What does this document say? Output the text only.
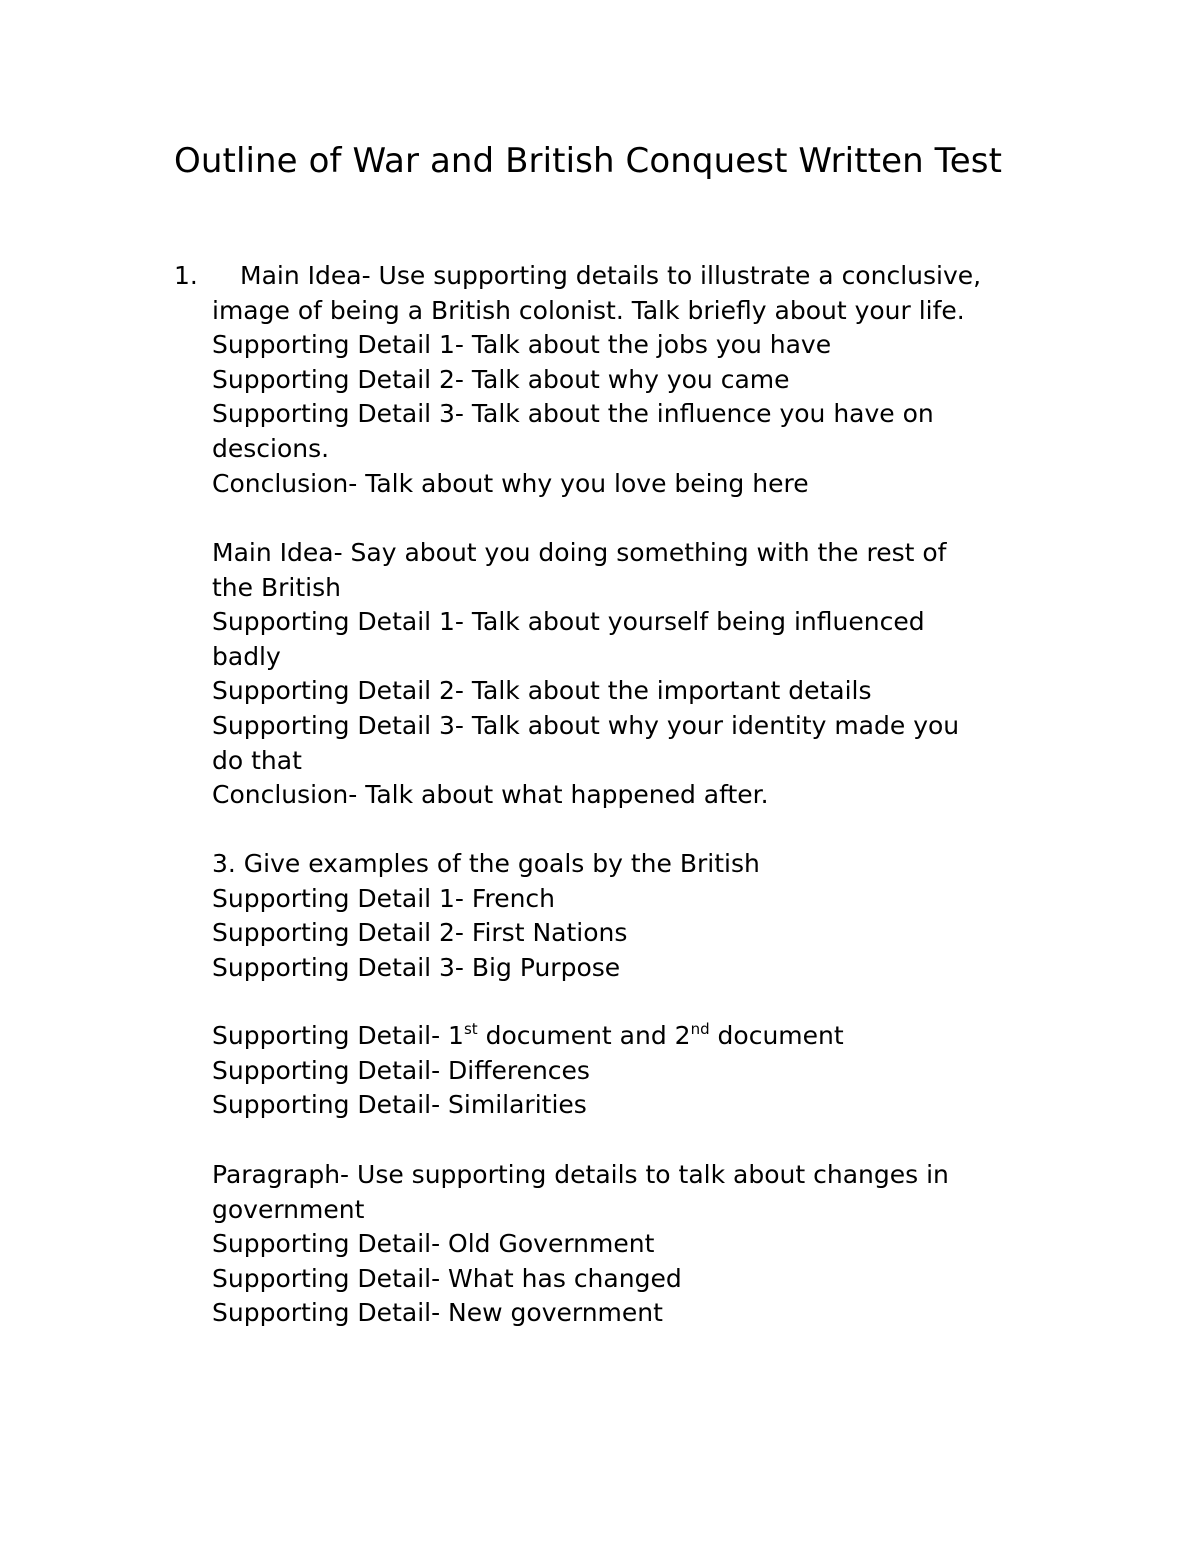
Outline of War and British Conquest Written Test
1.	Main Idea- Use supporting details to illustrate a conclusive,
image of being a British colonist. Talk briefly about your life.
Supporting Detail 1- Talk about the jobs you have
Supporting Detail 2- Talk about why you came
Supporting Detail 3- Talk about the influence you have on
descions.
Conclusion- Talk about why you love being here
Main Idea- Say about you doing something with the rest of
the British
Supporting Detail 1- Talk about yourself being influenced
badly
Supporting Detail 2- Talk about the important details
Supporting Detail 3- Talk about why your identity made you
do that
Conclusion- Talk about what happened after.
3. Give examples of the goals by the British
Supporting Detail 1- French
Supporting Detail 2- First Nations
Supporting Detail 3- Big Purpose
Supporting Detail- 1st document and 2nd document
Supporting Detail- Differences
Supporting Detail- Similarities
Paragraph- Use supporting details to talk about changes in
government
Supporting Detail- Old Government
Supporting Detail- What has changed
Supporting Detail- New government
